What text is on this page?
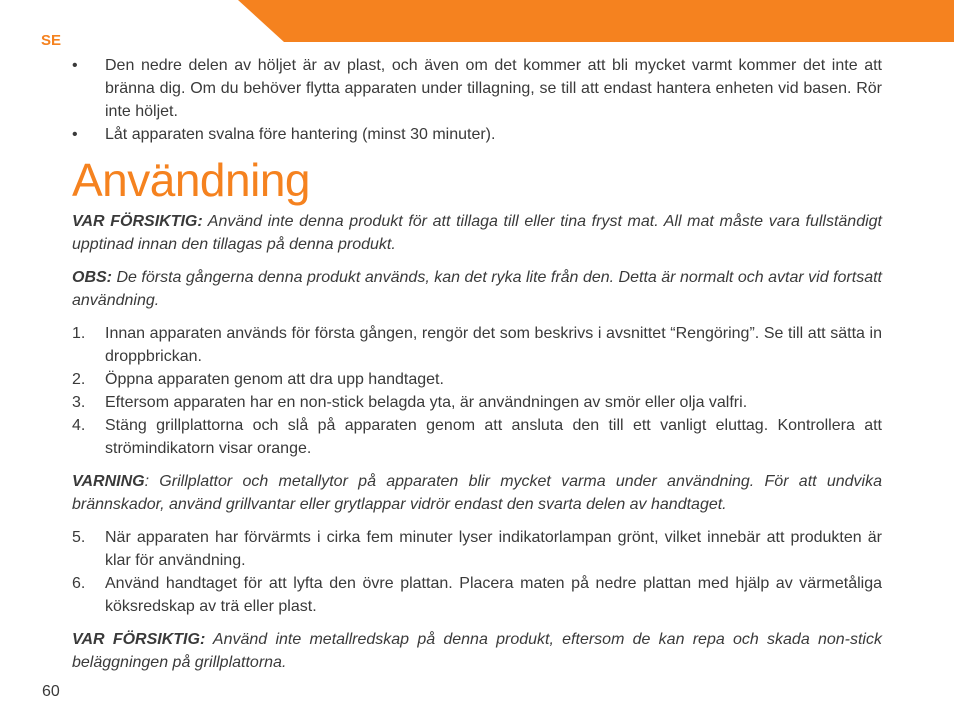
SE
• Den nedre delen av höljet är av plast, och även om det kommer att bli mycket varmt kommer det inte att bränna dig. Om du behöver flytta apparaten under tillagning, se till att endast hantera enheten vid basen. Rör inte höljet.
• Låt apparaten svalna före hantering (minst 30 minuter).
Användning

VAR FÖRSIKTIG: Använd inte denna produkt för att tillaga till eller tina fryst mat. All mat måste vara fullständigt upptinad innan den tillagas på denna produkt.

OBS: De första gångerna denna produkt används, kan det ryka lite från den. Detta är normalt och avtar vid fortsatt användning.

1. Innan apparaten används för första gången, rengör det som beskrivs i avsnittet “Rengöring”. Se till att sätta in droppbrickan.
2. Öppna apparaten genom att dra upp handtaget.
3. Eftersom apparaten har en non-stick belagda yta, är användningen av smör eller olja valfri.
4. Stäng grillplattorna och slå på apparaten genom att ansluta den till ett vanligt eluttag. Kontrollera att strömindikatorn visar orange.

VARNING: Grillplattor och metallytor på apparaten blir mycket varma under användning. För att undvika brännskador, använd grillvantar eller grytlappar vidrör endast den svarta delen av handtaget.

5. När apparaten har förvärmts i cirka fem minuter lyser indikatorlampan grönt, vilket innebär att produkten är klar för användning.
6. Använd handtaget för att lyfta den övre plattan. Placera maten på nedre plattan med hjälp av värmetåliga köksredskap av trä eller plast.

VAR FÖRSIKTIG: Använd inte metallredskap på denna produkt, eftersom de kan repa och skada non-stick beläggningen på grillplattorna.

60
